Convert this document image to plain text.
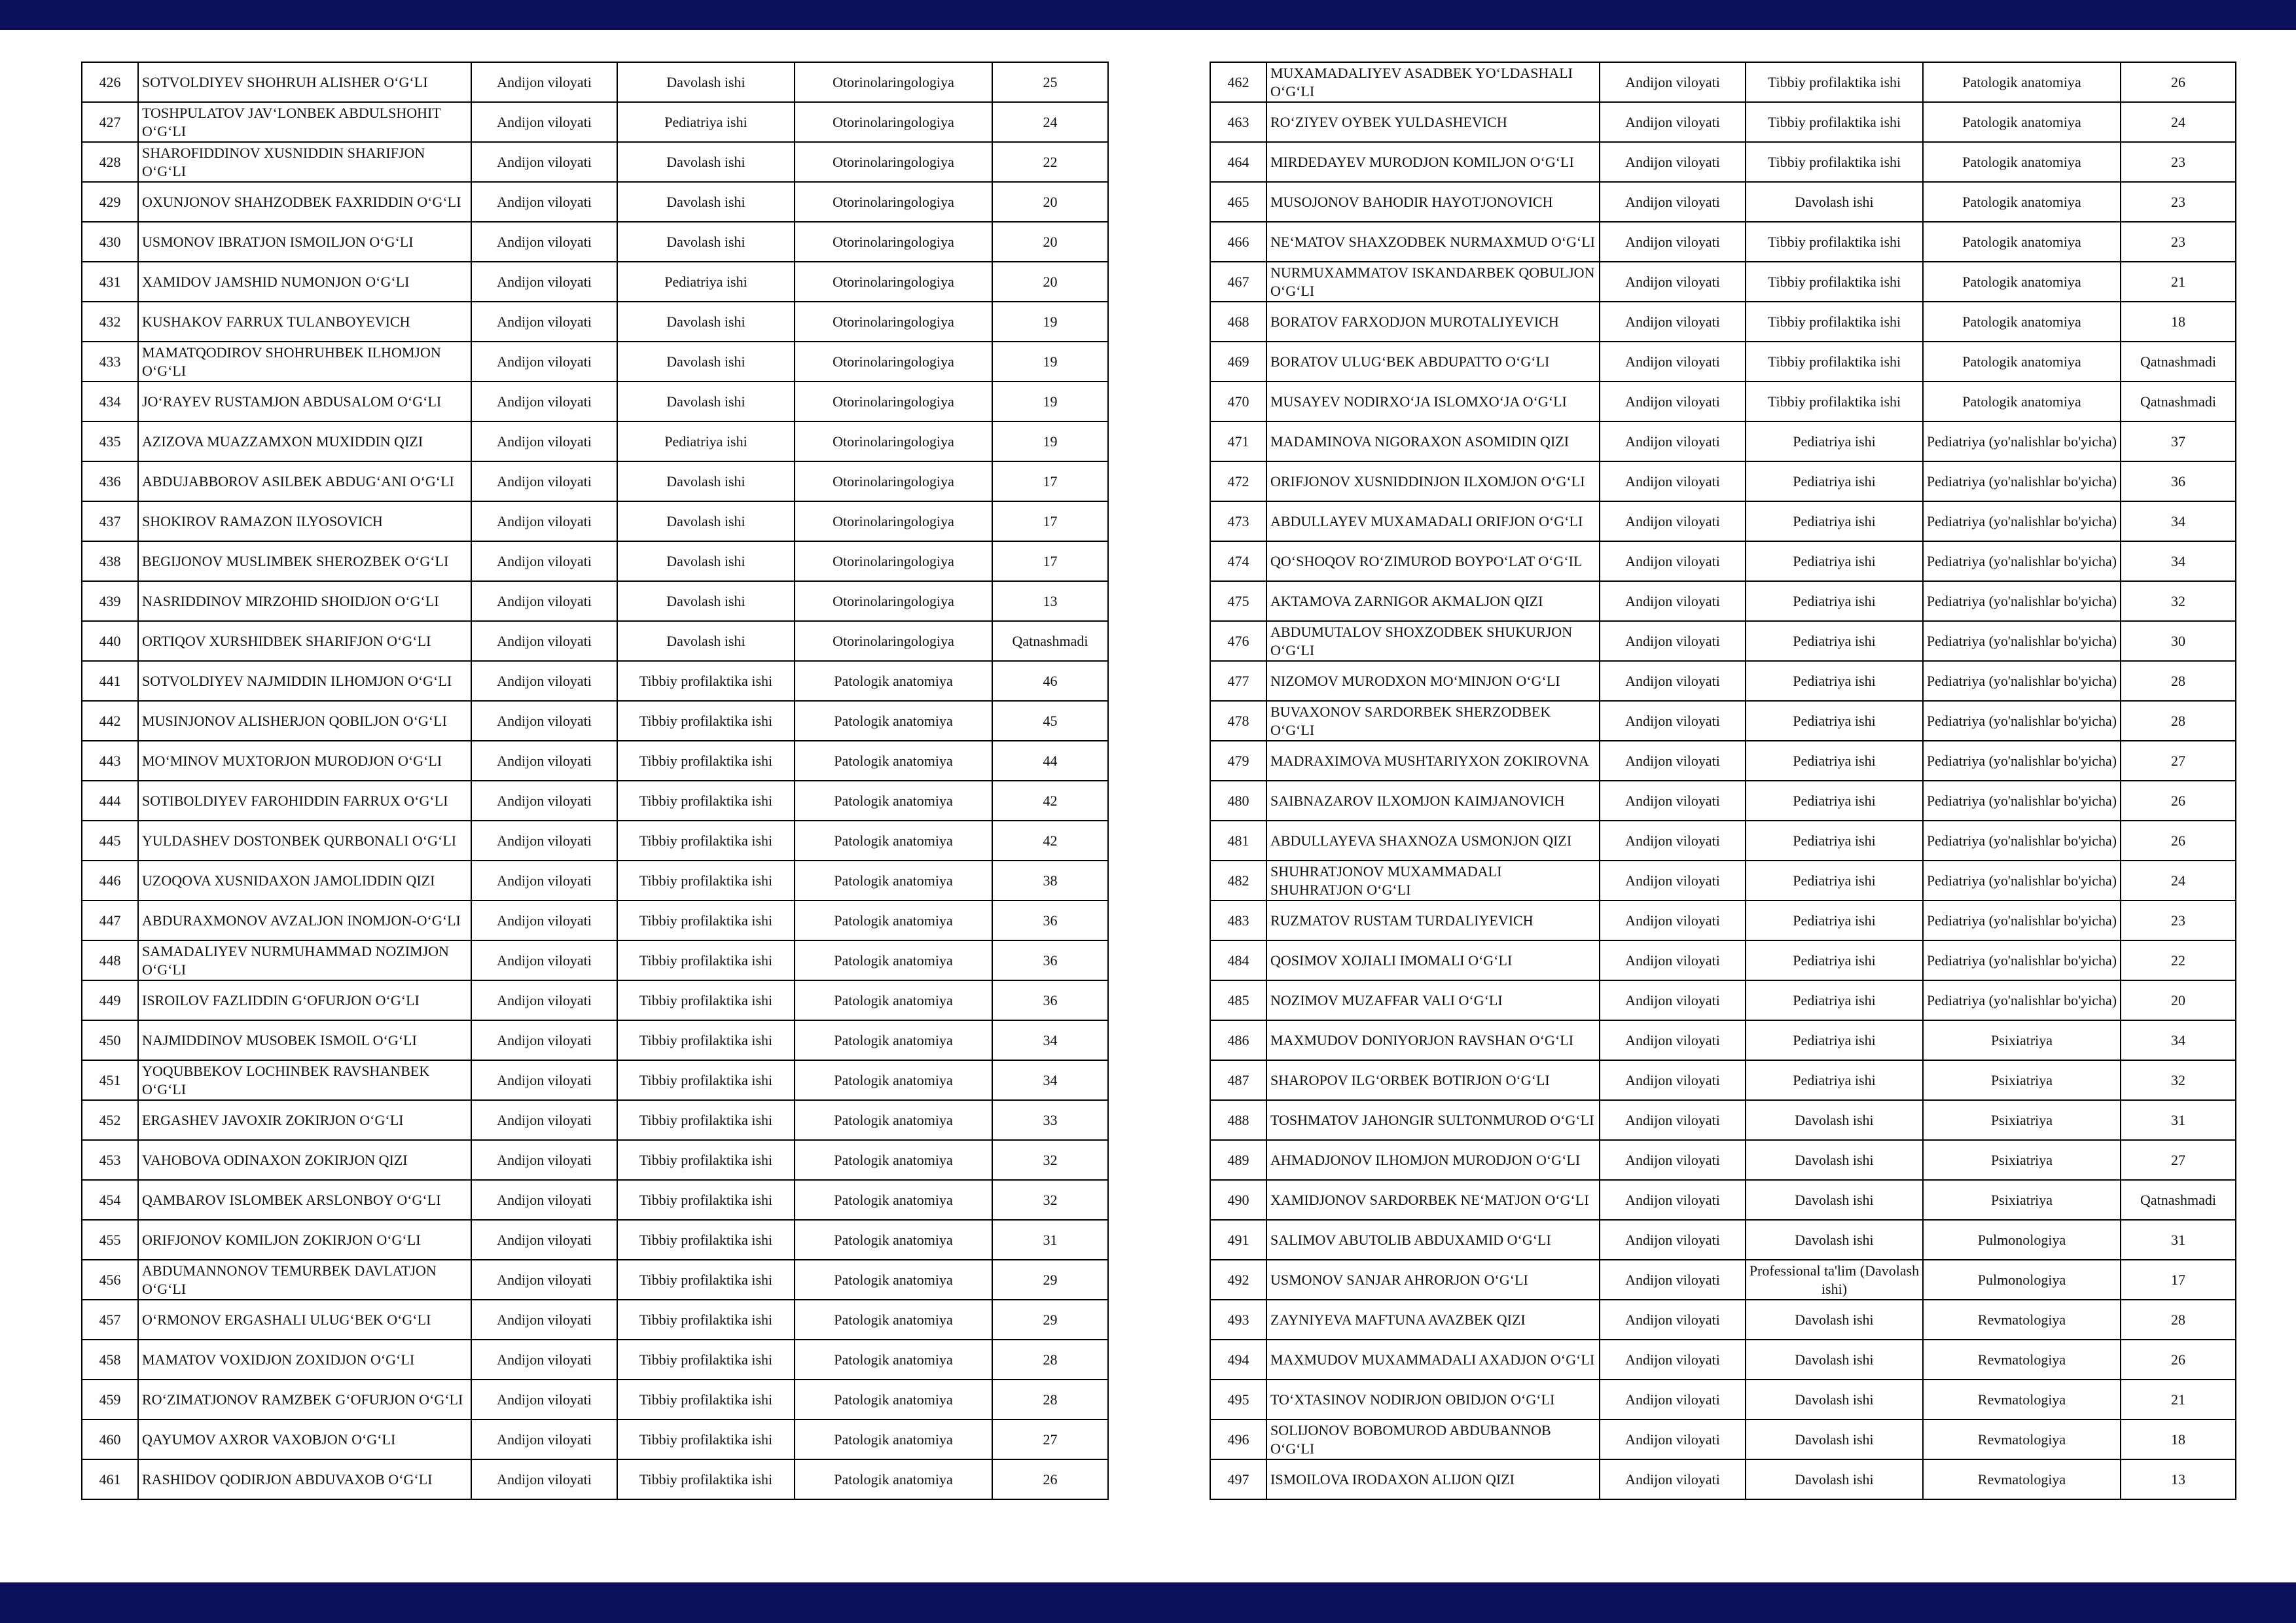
426	SOTVOLDIYEV SHOHRUH ALISHER O‘G‘LI	Andijon viloyati	Davolash ishi	Otorinolaringologiya	25
427	TOSHPULATOV JAV‘LONBEK ABDULSHOHIT O‘G‘LI	Andijon viloyati	Pediatriya ishi	Otorinolaringologiya	24
428	SHAROFIDDINOV XUSNIDDIN SHARIFJON O‘G‘LI	Andijon viloyati	Davolash ishi	Otorinolaringologiya	22
429	OXUNJONOV SHAHZODBEK FAXRIDDIN O‘G‘LI	Andijon viloyati	Davolash ishi	Otorinolaringologiya	20
430	USMONOV IBRATJON ISMOILJON O‘G‘LI	Andijon viloyati	Davolash ishi	Otorinolaringologiya	20
431	XAMIDOV JAMSHID NUMONJON O‘G‘LI	Andijon viloyati	Pediatriya ishi	Otorinolaringologiya	20
432	KUSHAKOV FARRUX TULANBOYEVICH	Andijon viloyati	Davolash ishi	Otorinolaringologiya	19
433	MAMATQODIROV SHOHRUHBEK ILHOMJON O‘G‘LI	Andijon viloyati	Davolash ishi	Otorinolaringologiya	19
434	JO‘RAYEV RUSTAMJON ABDUSALOM O‘G‘LI	Andijon viloyati	Davolash ishi	Otorinolaringologiya	19
435	AZIZOVA MUAZZAMXON MUXIDDIN QIZI	Andijon viloyati	Pediatriya ishi	Otorinolaringologiya	19
436	ABDUJABBOROV ASILBEK ABDUG‘ANI O‘G‘LI	Andijon viloyati	Davolash ishi	Otorinolaringologiya	17
437	SHOKIROV RAMAZON ILYOSOVICH	Andijon viloyati	Davolash ishi	Otorinolaringologiya	17
438	BEGIJONOV MUSLIMBEK SHEROZBEK O‘G‘LI	Andijon viloyati	Davolash ishi	Otorinolaringologiya	17
439	NASRIDDINOV MIRZOHID SHOIDJON O‘G‘LI	Andijon viloyati	Davolash ishi	Otorinolaringologiya	13
440	ORTIQOV XURSHIDBEK SHARIFJON O‘G‘LI	Andijon viloyati	Davolash ishi	Otorinolaringologiya	Qatnashmadi
441	SOTVOLDIYEV NAJMIDDIN ILHOMJON O‘G‘LI	Andijon viloyati	Tibbiy profilaktika ishi	Patologik anatomiya	46
442	MUSINJONOV ALISHERJON QOBILJON O‘G‘LI	Andijon viloyati	Tibbiy profilaktika ishi	Patologik anatomiya	45
443	MO‘MINOV MUXTORJON MURODJON O‘G‘LI	Andijon viloyati	Tibbiy profilaktika ishi	Patologik anatomiya	44
444	SOTIBOLDIYEV FAROHIDDIN FARRUX O‘G‘LI	Andijon viloyati	Tibbiy profilaktika ishi	Patologik anatomiya	42
445	YULDASHEV DOSTONBEK QURBONALI O‘G‘LI	Andijon viloyati	Tibbiy profilaktika ishi	Patologik anatomiya	42
446	UZOQOVA XUSNIDAXON JAMOLIDDIN QIZI	Andijon viloyati	Tibbiy profilaktika ishi	Patologik anatomiya	38
447	ABDURAXMONOV AVZALJON INOMJON-O‘G‘LI	Andijon viloyati	Tibbiy profilaktika ishi	Patologik anatomiya	36
448	SAMADALIYEV NURMUHAMMAD NOZIMJON O‘G‘LI	Andijon viloyati	Tibbiy profilaktika ishi	Patologik anatomiya	36
449	ISROILOV FAZLIDDIN G‘OFURJON O‘G‘LI	Andijon viloyati	Tibbiy profilaktika ishi	Patologik anatomiya	36
450	NAJMIDDINOV MUSOBEK ISMOIL O‘G‘LI	Andijon viloyati	Tibbiy profilaktika ishi	Patologik anatomiya	34
451	YOQUBBEKOV LOCHINBEK RAVSHANBEK O‘G‘LI	Andijon viloyati	Tibbiy profilaktika ishi	Patologik anatomiya	34
452	ERGASHEV JAVOXIR ZOKIRJON O‘G‘LI	Andijon viloyati	Tibbiy profilaktika ishi	Patologik anatomiya	33
453	VAHOBOVA ODINAXON ZOKIRJON QIZI	Andijon viloyati	Tibbiy profilaktika ishi	Patologik anatomiya	32
454	QAMBAROV ISLOMBEK ARSLONBOY O‘G‘LI	Andijon viloyati	Tibbiy profilaktika ishi	Patologik anatomiya	32
455	ORIFJONOV KOMILJON ZOKIRJON O‘G‘LI	Andijon viloyati	Tibbiy profilaktika ishi	Patologik anatomiya	31
456	ABDUMANNONOV TEMURBEK DAVLATJON O‘G‘LI	Andijon viloyati	Tibbiy profilaktika ishi	Patologik anatomiya	29
457	O‘RMONOV ERGASHALI ULUG‘BEK O‘G‘LI	Andijon viloyati	Tibbiy profilaktika ishi	Patologik anatomiya	29
458	MAMATOV VOXIDJON ZOXIDJON O‘G‘LI	Andijon viloyati	Tibbiy profilaktika ishi	Patologik anatomiya	28
459	RO‘ZIMATJONOV RAMZBEK G‘OFURJON O‘G‘LI	Andijon viloyati	Tibbiy profilaktika ishi	Patologik anatomiya	28
460	QAYUMOV AXROR VAXOBJON O‘G‘LI	Andijon viloyati	Tibbiy profilaktika ishi	Patologik anatomiya	27
461	RASHIDOV QODIRJON ABDUVAXOB O‘G‘LI	Andijon viloyati	Tibbiy profilaktika ishi	Patologik anatomiya	26
462	MUXAMADALIYEV ASADBEK YO‘LDASHALI O‘G‘LI	Andijon viloyati	Tibbiy profilaktika ishi	Patologik anatomiya	26
463	RO‘ZIYEV OYBEK YULDASHEVICH	Andijon viloyati	Tibbiy profilaktika ishi	Patologik anatomiya	24
464	MIRDEDAYEV MURODJON KOMILJON O‘G‘LI	Andijon viloyati	Tibbiy profilaktika ishi	Patologik anatomiya	23
465	MUSOJONOV BAHODIR HAYOTJONOVICH	Andijon viloyati	Davolash ishi	Patologik anatomiya	23
466	NE‘MATOV SHAXZODBEK NURMAXMUD O‘G‘LI	Andijon viloyati	Tibbiy profilaktika ishi	Patologik anatomiya	23
467	NURMUXAMMATOV ISKANDARBEK QOBULJON O‘G‘LI	Andijon viloyati	Tibbiy profilaktika ishi	Patologik anatomiya	21
468	BORATOV FARXODJON MUROTALIYEVICH	Andijon viloyati	Tibbiy profilaktika ishi	Patologik anatomiya	18
469	BORATOV ULUG‘BEK ABDUPATTO O‘G‘LI	Andijon viloyati	Tibbiy profilaktika ishi	Patologik anatomiya	Qatnashmadi
470	MUSAYEV NODIRXO‘JA ISLOMXO‘JA O‘G‘LI	Andijon viloyati	Tibbiy profilaktika ishi	Patologik anatomiya	Qatnashmadi
471	MADAMINOVA NIGORAXON ASOMIDIN QIZI	Andijon viloyati	Pediatriya ishi	Pediatriya (yo'nalishlar bo'yicha)	37
472	ORIFJONOV XUSNIDDINJON ILXOMJON O‘G‘LI	Andijon viloyati	Pediatriya ishi	Pediatriya (yo'nalishlar bo'yicha)	36
473	ABDULLAYEV MUXAMADALI ORIFJON O‘G‘LI	Andijon viloyati	Pediatriya ishi	Pediatriya (yo'nalishlar bo'yicha)	34
474	QO‘SHOQOV RO‘ZIMUROD BOYPO‘LAT O‘G‘IL	Andijon viloyati	Pediatriya ishi	Pediatriya (yo'nalishlar bo'yicha)	34
475	AKTAMOVA ZARNIGOR AKMALJON QIZI	Andijon viloyati	Pediatriya ishi	Pediatriya (yo'nalishlar bo'yicha)	32
476	ABDUMUTALOV SHOXZODBEK SHUKURJON O‘G‘LI	Andijon viloyati	Pediatriya ishi	Pediatriya (yo'nalishlar bo'yicha)	30
477	NIZOMOV MURODXON MO‘MINJON O‘G‘LI	Andijon viloyati	Pediatriya ishi	Pediatriya (yo'nalishlar bo'yicha)	28
478	BUVAXONOV SARDORBEK SHERZODBEK O‘G‘LI	Andijon viloyati	Pediatriya ishi	Pediatriya (yo'nalishlar bo'yicha)	28
479	MADRAXIMOVA MUSHTARIYXON ZOKIROVNA	Andijon viloyati	Pediatriya ishi	Pediatriya (yo'nalishlar bo'yicha)	27
480	SAIBNAZAROV ILXOMJON KAIMJANOVICH	Andijon viloyati	Pediatriya ishi	Pediatriya (yo'nalishlar bo'yicha)	26
481	ABDULLAYEVA SHAXNOZA USMONJON QIZI	Andijon viloyati	Pediatriya ishi	Pediatriya (yo'nalishlar bo'yicha)	26
482	SHUHRATJONOV MUXAMMADALI SHUHRATJON O‘G‘LI	Andijon viloyati	Pediatriya ishi	Pediatriya (yo'nalishlar bo'yicha)	24
483	RUZMATOV RUSTAM TURDALIYEVICH	Andijon viloyati	Pediatriya ishi	Pediatriya (yo'nalishlar bo'yicha)	23
484	QOSIMOV XOJIALI IMOMALI O‘G‘LI	Andijon viloyati	Pediatriya ishi	Pediatriya (yo'nalishlar bo'yicha)	22
485	NOZIMOV MUZAFFAR VALI O‘G‘LI	Andijon viloyati	Pediatriya ishi	Pediatriya (yo'nalishlar bo'yicha)	20
486	MAXMUDOV DONIYORJON RAVSHAN O‘G‘LI	Andijon viloyati	Pediatriya ishi	Psixiatriya	34
487	SHAROPOV ILG‘ORBEK BOTIRJON O‘G‘LI	Andijon viloyati	Pediatriya ishi	Psixiatriya	32
488	TOSHMATOV JAHONGIR SULTONMUROD O‘G‘LI	Andijon viloyati	Davolash ishi	Psixiatriya	31
489	AHMADJONOV ILHOMJON MURODJON O‘G‘LI	Andijon viloyati	Davolash ishi	Psixiatriya	27
490	XAMIDJONOV SARDORBEK NE‘MATJON O‘G‘LI	Andijon viloyati	Davolash ishi	Psixiatriya	Qatnashmadi
491	SALIMOV ABUTOLIB ABDUXAMID O‘G‘LI	Andijon viloyati	Davolash ishi	Pulmonologiya	31
492	USMONOV SANJAR AHRORJON O‘G‘LI	Andijon viloyati	Professional ta'lim (Davolash ishi)	Pulmonologiya	17
493	ZAYNIYEVA MAFTUNA AVAZBEK QIZI	Andijon viloyati	Davolash ishi	Revmatologiya	28
494	MAXMUDOV MUXAMMADALI AXADJON O‘G‘LI	Andijon viloyati	Davolash ishi	Revmatologiya	26
495	TO‘XTASINOV NODIRJON OBIDJON O‘G‘LI	Andijon viloyati	Davolash ishi	Revmatologiya	21
496	SOLIJONOV BOBOMUROD ABDUBANNOB O‘G‘LI	Andijon viloyati	Davolash ishi	Revmatologiya	18
497	ISMOILOVA IRODAXON ALIJON QIZI	Andijon viloyati	Davolash ishi	Revmatologiya	13
